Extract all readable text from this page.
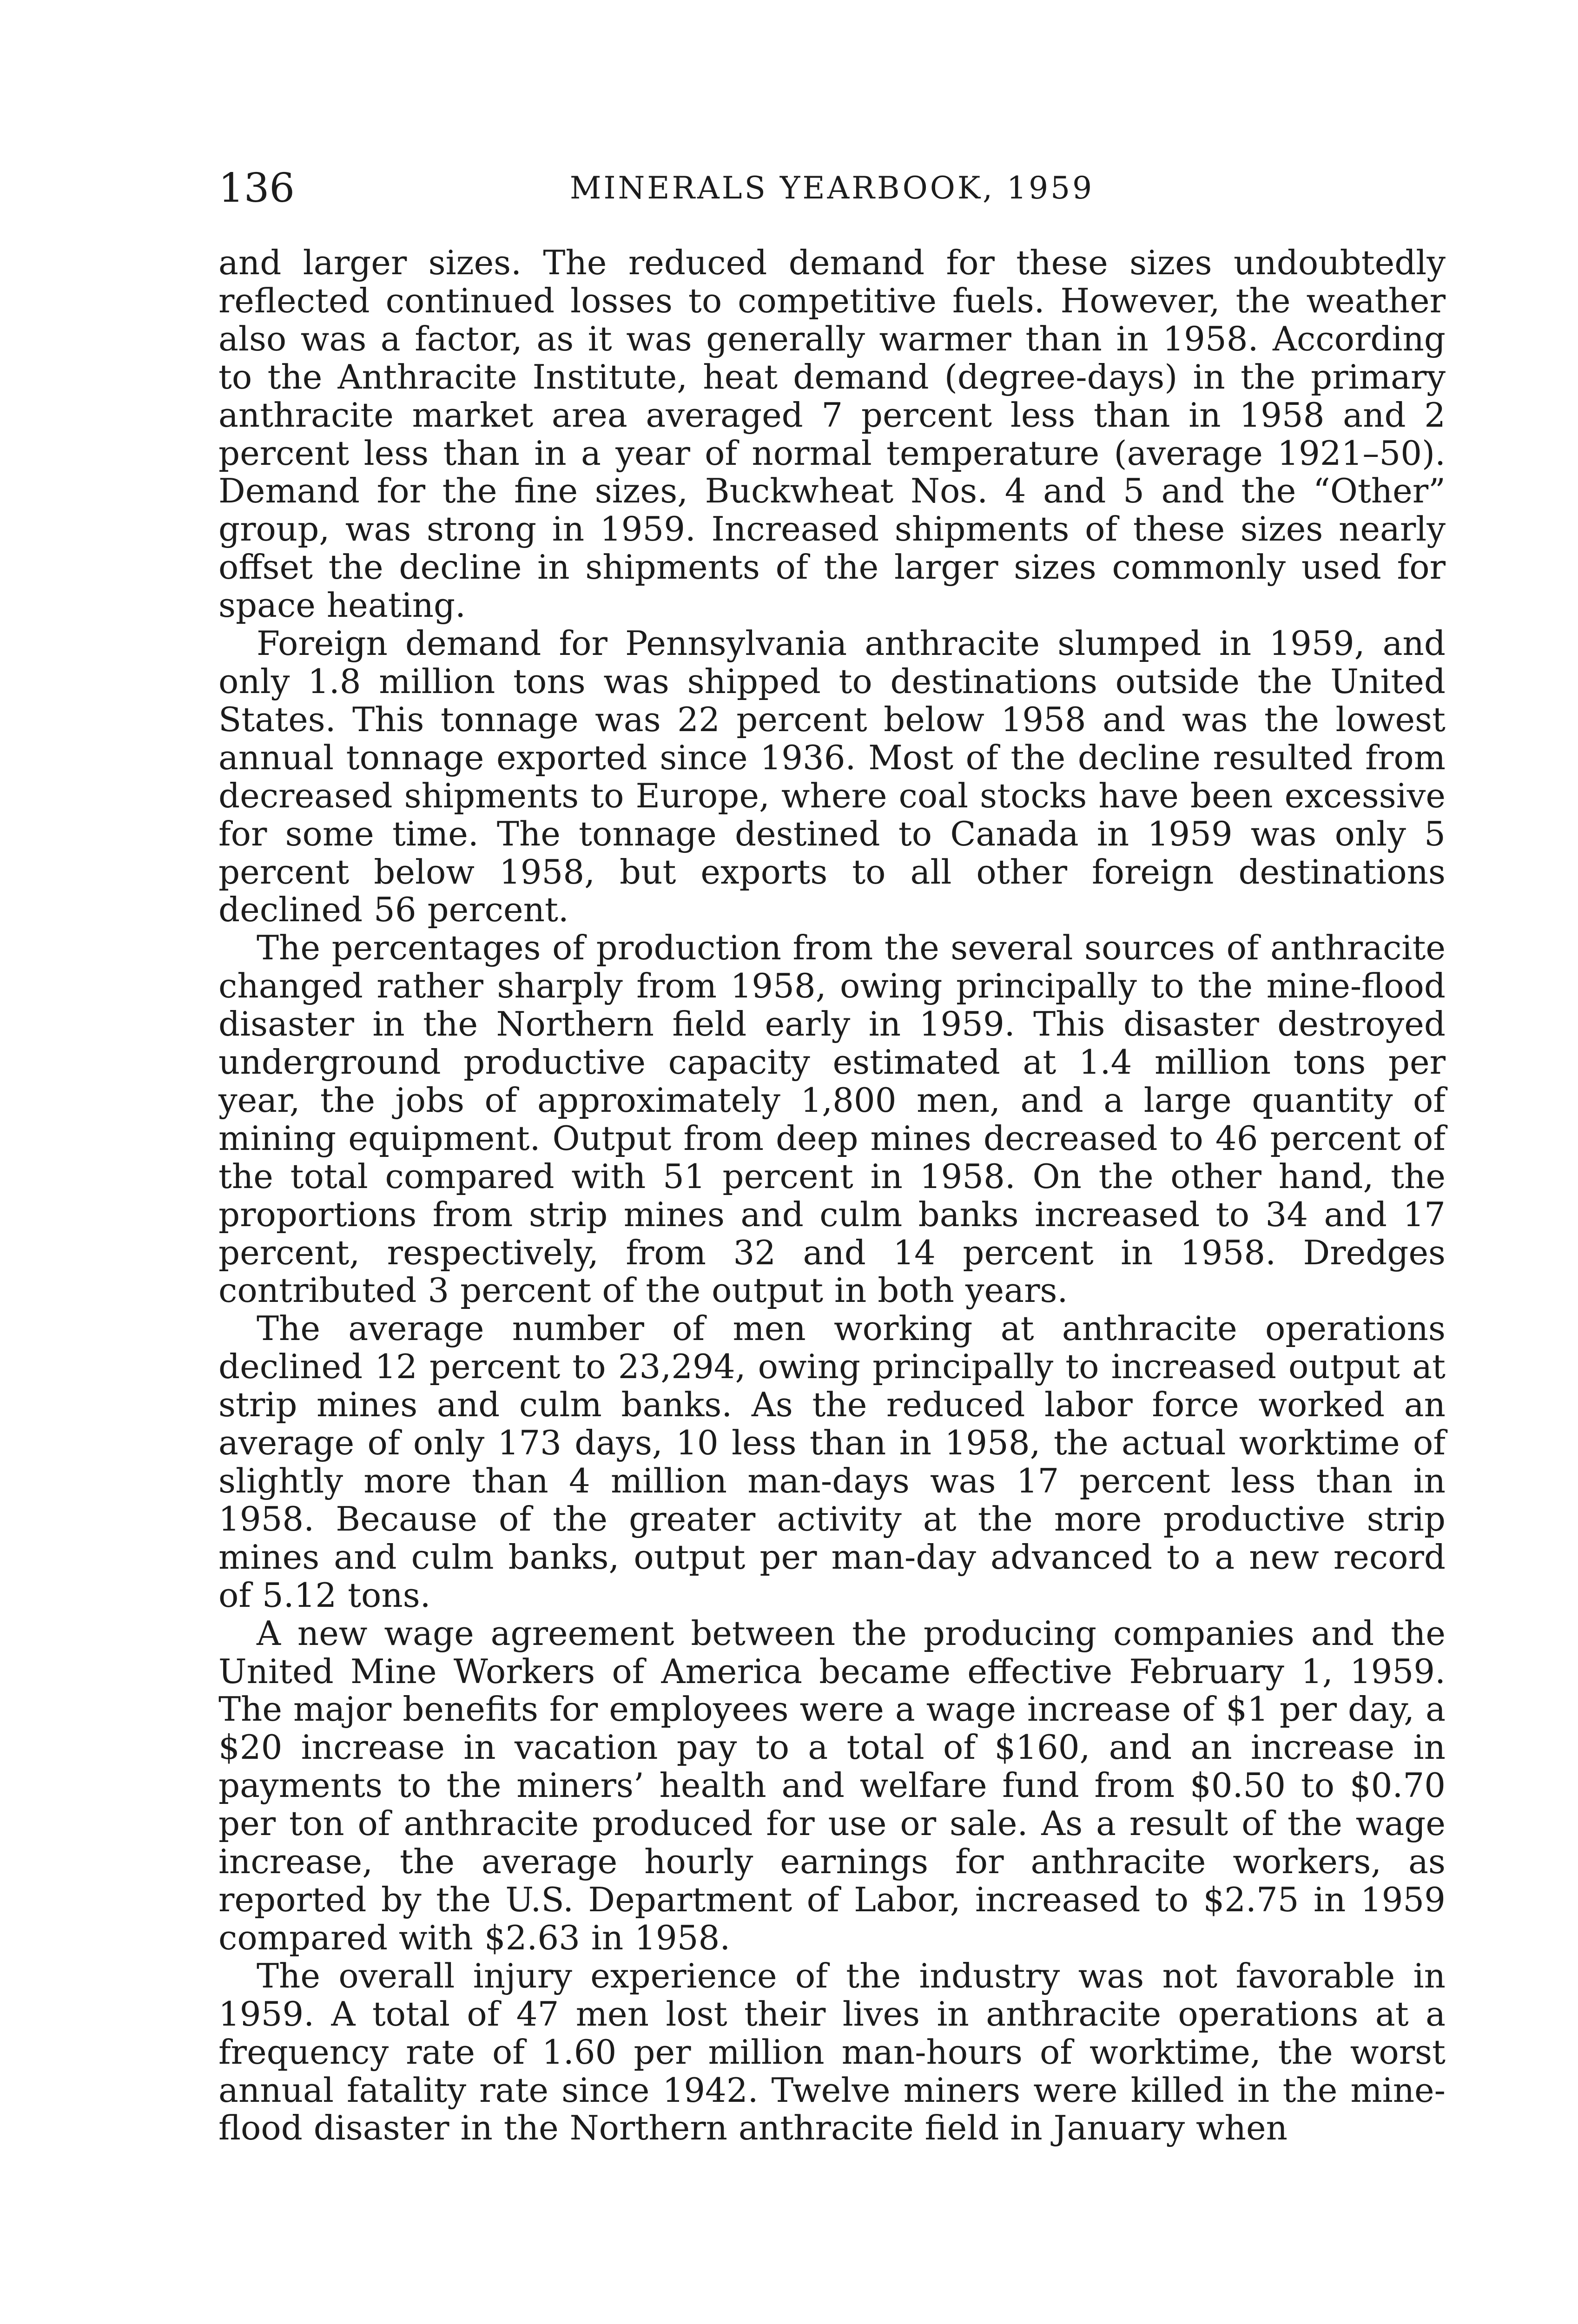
136	MINERALS YEARBOOK, 1959

and larger sizes. The reduced demand for these sizes undoubtedly reflected continued losses to competitive fuels. However, the weather also was a factor, as it was generally warmer than in 1958. According to the Anthracite Institute, heat demand (degree-days) in the primary anthracite market area averaged 7 percent less than in 1958 and 2 percent less than in a year of normal temperature (average 1921–50). Demand for the fine sizes, Buckwheat Nos. 4 and 5 and the “Other” group, was strong in 1959. Increased shipments of these sizes nearly offset the decline in shipments of the larger sizes commonly used for space heating.

Foreign demand for Pennsylvania anthracite slumped in 1959, and only 1.8 million tons was shipped to destinations outside the United States. This tonnage was 22 percent below 1958 and was the lowest annual tonnage exported since 1936. Most of the decline resulted from decreased shipments to Europe, where coal stocks have been excessive for some time. The tonnage destined to Canada in 1959 was only 5 percent below 1958, but exports to all other foreign destinations declined 56 percent.

The percentages of production from the several sources of anthracite changed rather sharply from 1958, owing principally to the mine-flood disaster in the Northern field early in 1959. This disaster destroyed underground productive capacity estimated at 1.4 million tons per year, the jobs of approximately 1,800 men, and a large quantity of mining equipment. Output from deep mines decreased to 46 percent of the total compared with 51 percent in 1958. On the other hand, the proportions from strip mines and culm banks increased to 34 and 17 percent, respectively, from 32 and 14 percent in 1958. Dredges contributed 3 percent of the output in both years.

The average number of men working at anthracite operations declined 12 percent to 23,294, owing principally to increased output at strip mines and culm banks. As the reduced labor force worked an average of only 173 days, 10 less than in 1958, the actual worktime of slightly more than 4 million man-days was 17 percent less than in 1958. Because of the greater activity at the more productive strip mines and culm banks, output per man-day advanced to a new record of 5.12 tons.

A new wage agreement between the producing companies and the United Mine Workers of America became effective February 1, 1959. The major benefits for employees were a wage increase of $1 per day, a $20 increase in vacation pay to a total of $160, and an increase in payments to the miners’ health and welfare fund from $0.50 to $0.70 per ton of anthracite produced for use or sale. As a result of the wage increase, the average hourly earnings for anthracite workers, as reported by the U.S. Department of Labor, increased to $2.75 in 1959 compared with $2.63 in 1958.

The overall injury experience of the industry was not favorable in 1959. A total of 47 men lost their lives in anthracite operations at a frequency rate of 1.60 per million man-hours of worktime, the worst annual fatality rate since 1942. Twelve miners were killed in the mine-flood disaster in the Northern anthracite field in January when
